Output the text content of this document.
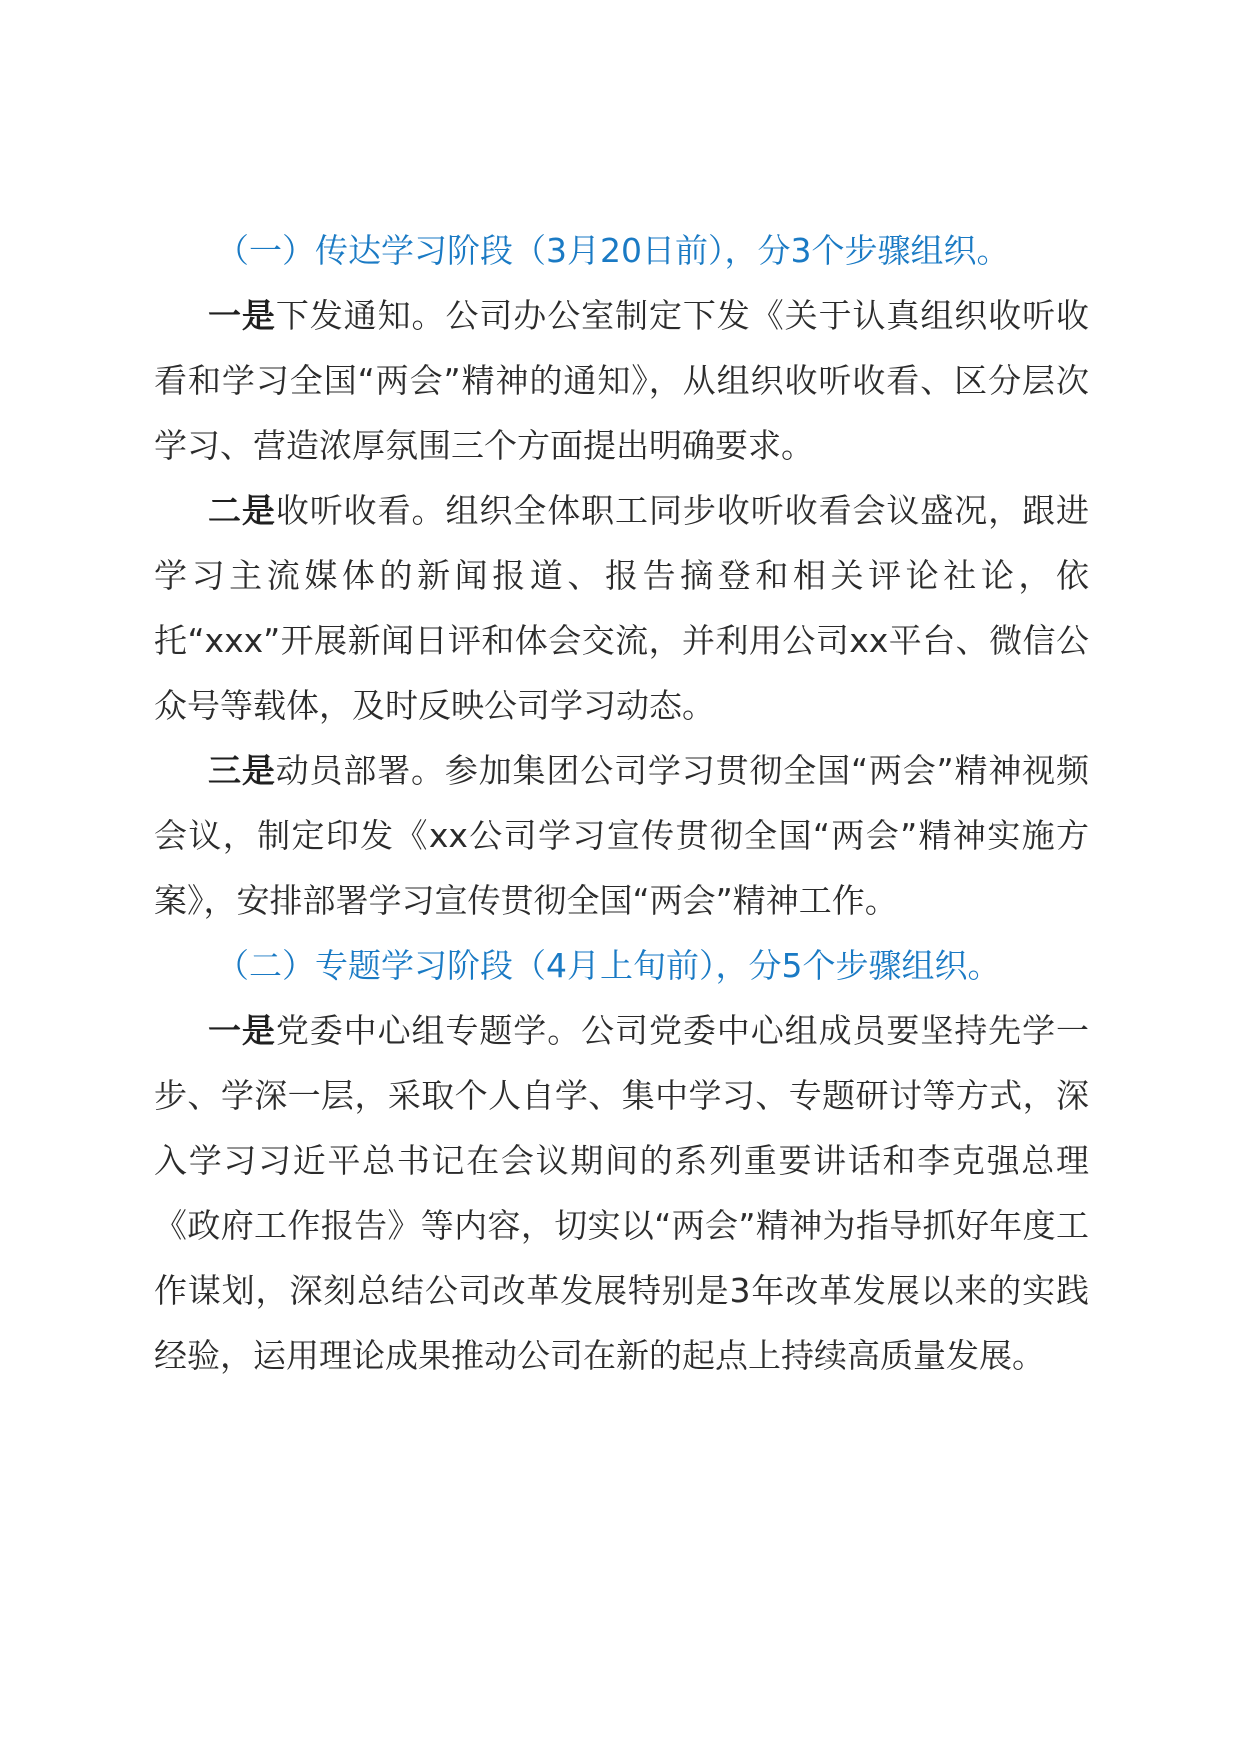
（一）传达学习阶段（3月20日前），分3个步骤组织。

一是下发通知。公司办公室制定下发《关于认真组织收听收看和学习全国“两会”精神的通知》，从组织收听收看、区分层次学习、营造浓厚氛围三个方面提出明确要求。

二是收听收看。组织全体职工同步收听收看会议盛况，跟进学习主流媒体的新闻报道、报告摘登和相关评论社论，依托“xxx”开展新闻日评和体会交流，并利用公司xx平台、微信公众号等载体，及时反映公司学习动态。

三是动员部署。参加集团公司学习贯彻全国“两会”精神视频会议，制定印发《xx公司学习宣传贯彻全国“两会”精神实施方案》，安排部署学习宣传贯彻全国“两会”精神工作。

（二）专题学习阶段（4月上旬前），分5个步骤组织。

一是党委中心组专题学。公司党委中心组成员要坚持先学一步、学深一层，采取个人自学、集中学习、专题研讨等方式，深入学习习近平总书记在会议期间的系列重要讲话和李克强总理《政府工作报告》等内容，切实以“两会”精神为指导抓好年度工作谋划，深刻总结公司改革发展特别是3年改革发展以来的实践经验，运用理论成果推动公司在新的起点上持续高质量发展。
